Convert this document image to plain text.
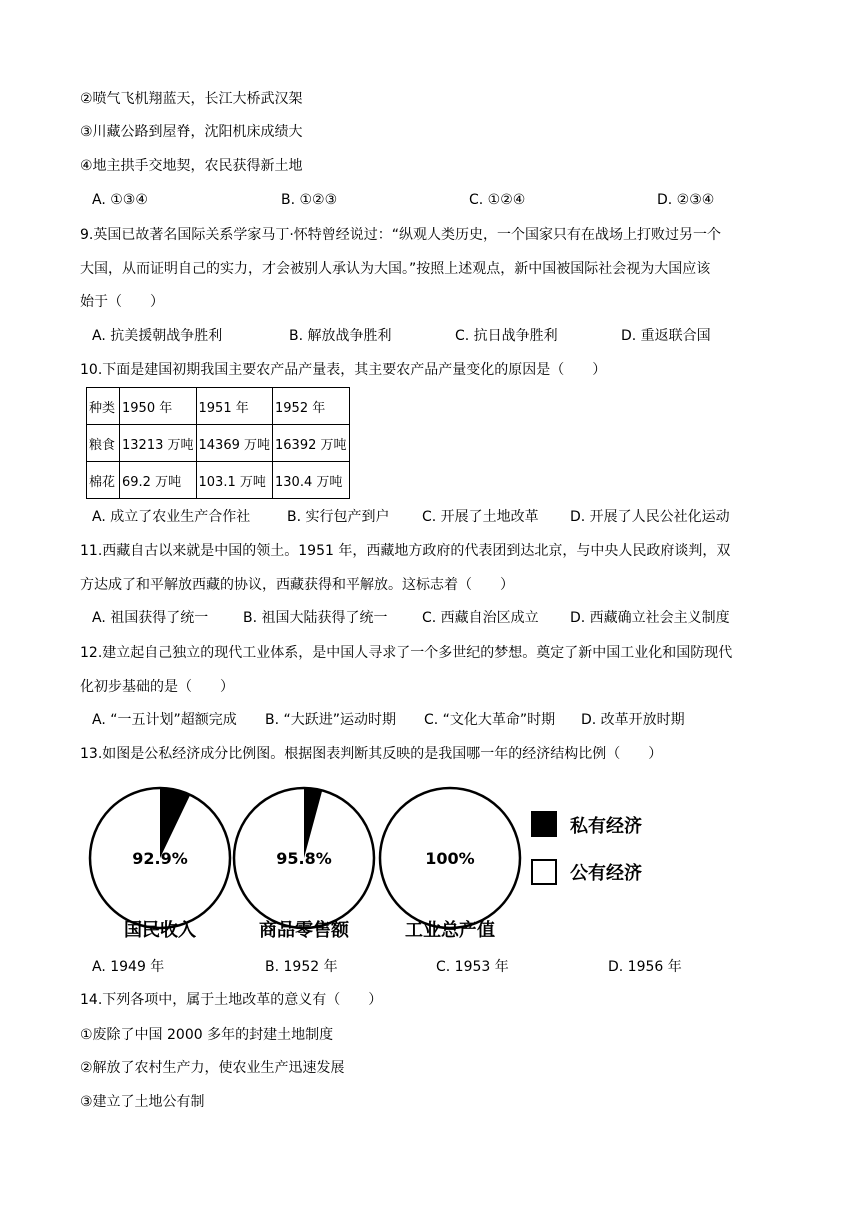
②喷气飞机翔蓝天，长江大桥武汉架
③川藏公路到屋脊，沈阳机床成绩大
④地主拱手交地契，农民获得新土地
A. ①③④	B. ①②③	C. ①②④	D. ②③④
9.英国已故著名国际关系学家马丁·怀特曾经说过：“纵观人类历史，一个国家只有在战场上打败过另一个
大国，从而证明自己的实力，才会被别人承认为大国。”按照上述观点，新中国被国际社会视为大国应该
始于（　　）
A. 抗美援朝战争胜利	B. 解放战争胜利	C. 抗日战争胜利	D. 重返联合国
10.下面是建国初期我国主要农产品产量表，其主要农产品产量变化的原因是（　　）
种类	1950 年	1951 年	1952 年
粮食	13213 万吨	14369 万吨	16392 万吨
棉花	69.2 万吨	103.1 万吨	130.4 万吨
A. 成立了农业生产合作社	B. 实行包产到户 C. 开展了土地改革 D. 开展了人民公社化运动
11.西藏自古以来就是中国的领土。1951 年，西藏地方政府的代表团到达北京，与中央人民政府谈判，双
方达成了和平解放西藏的协议，西藏获得和平解放。这标志着（　　）
A. 祖国获得了统一 B. 祖国大陆获得了统一 C. 西藏自治区成立 D. 西藏确立社会主义制度
12.建立起自己独立的现代工业体系，是中国人寻求了一个多世纪的梦想。奠定了新中国工业化和国防现代
化初步基础的是（　　）
A. “一五计划”超额完成 B. “大跃进”运动时期 C. “文化大革命”时期 D. 改革开放时期
13.如图是公私经济成分比例图。根据图表判断其反映的是我国哪一年的经济结构比例（　　）
92.9%
国民收入
95.8%
商品零售额
100%
工业总产值
私有经济
公有经济
A. 1949 年	B. 1952 年	C. 1953 年	D. 1956 年
14.下列各项中，属于土地改革的意义有（　　）
①废除了中国 2000 多年的封建土地制度
②解放了农村生产力，使农业生产迅速发展
③建立了土地公有制
